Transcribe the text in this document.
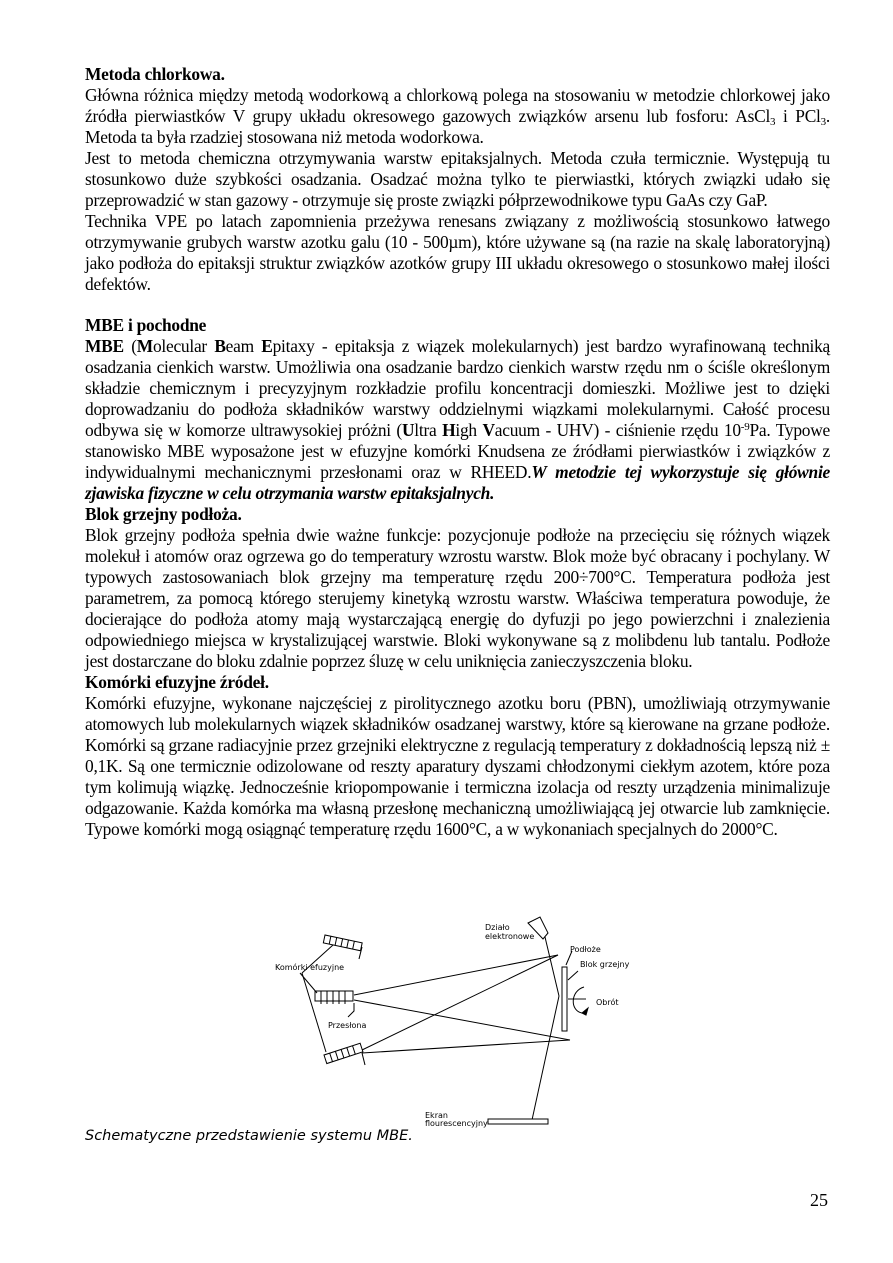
Metoda chlorkowa.

Główna różnica między metodą wodorkową a chlorkową polega na stosowaniu w metodzie chlorkowej jako źródła pierwiastków V grupy układu okresowego gazowych związków arsenu lub fosforu: AsCl$_3$ i PCl$_3$. Metoda ta była rzadziej stosowana niż metoda wodorkowa.

Jest to metoda chemiczna otrzymywania warstw epitaksjalnych. Metoda czuła termicznie. Występują tu stosunkowo duże szybkości osadzania. Osadzać można tylko te pierwiastki, których związki udało się przeprowadzić w stan gazowy - otrzymuje się proste związki półprzewodnikowe typu GaAs czy GaP.

Technika VPE po latach zapomnienia przeżywa renesans związany z możliwością stosunkowo łatwego otrzymywanie grubych warstw azotku galu (10 - 500µm), które używane są (na razie na skalę laboratoryjną) jako podłoża do epitaksji struktur związków azotków grupy III układu okresowego o stosunkowo małej ilości defektów.

MBE i pochodne

MBE (Molecular Beam Epitaxy - epitaksja z wiązek molekularnych) jest bardzo wyrafinowaną techniką osadzania cienkich warstw. Umożliwia ona osadzanie bardzo cienkich warstw rzędu nm o ściśle określonym składzie chemicznym i precyzyjnym rozkładzie profilu koncentracji domieszki. Możliwe jest to dzięki doprowadzaniu do podłoża składników warstwy oddzielnymi wiązkami molekularnymi. Całość procesu odbywa się w komorze ultrawysokiej próżni (Ultra High Vacuum - UHV) - ciśnienie rzędu $10^{-9}Pa$. Typowe stanowisko MBE wyposażone jest w efuzyjne komórki Knudsena ze źródłami pierwiastków i związków z indywidualnymi mechanicznymi przesłonami oraz w RHEED.W metodzie tej wykorzystuje się głównie zjawiska fizyczne w celu otrzymania warstw epitaksjalnych.

Blok grzejny podłoża.

Blok grzejny podłoża spełnia dwie ważne funkcje: pozycjonuje podłoże na przecięciu się różnych wiązek molekuł i atomów oraz ogrzewa go do temperatury wzrostu warstw. Blok może być obracany i pochylany. W typowych zastosowaniach blok grzejny ma temperaturę rzędu 200÷700°C. Temperatura podłoża jest parametrem, za pomocą którego sterujemy kinetyką wzrostu warstw. Właściwa temperatura powoduje, że docierające do podłoża atomy mają wystarczającą energię do dyfuzji po jego powierzchni i znalezienia odpowiedniego miejsca w krystalizującej warstwie. Bloki wykonywane są z molibdenu lub tantalu. Podłoże jest dostarczane do bloku zdalnie poprzez śluzę w celu uniknięcia zanieczyszczenia bloku.

Komórki efuzyjne źródeł.

Komórki efuzyjne, wykonane najczęściej z pirolitycznego azotku boru (PBN), umożliwiają otrzymywanie atomowych lub molekularnych wiązek składników osadzanej warstwy, które są kierowane na grzane podłoże. Komórki są grzane radiacyjnie przez grzejniki elektryczne z regulacją temperatury z dokładnością lepszą niż ± 0,1K. Są one termicznie odizolowane od reszty aparatury dyszami chłodzonymi ciekłym azotem, które poza tym kolimują wiązkę. Jednocześnie kriopompowanie i termiczna izolacja od reszty urządzenia minimalizuje odgazowanie. Każda komórka ma własną przesłonę mechaniczną umożliwiającą jej otwarcie lub zamknięcie. Typowe komórki mogą osiągnąć temperaturę rzędu 1600°C, a w wykonaniach specjalnych do 2000°C.

Komórki efuzyjne
Przesłona
Działo
elektronowe
Podłoże
Blok grzejny
Obrót
Ekran
flourescencyjny
Schematyczne przedstawienie systemu MBE.
25
